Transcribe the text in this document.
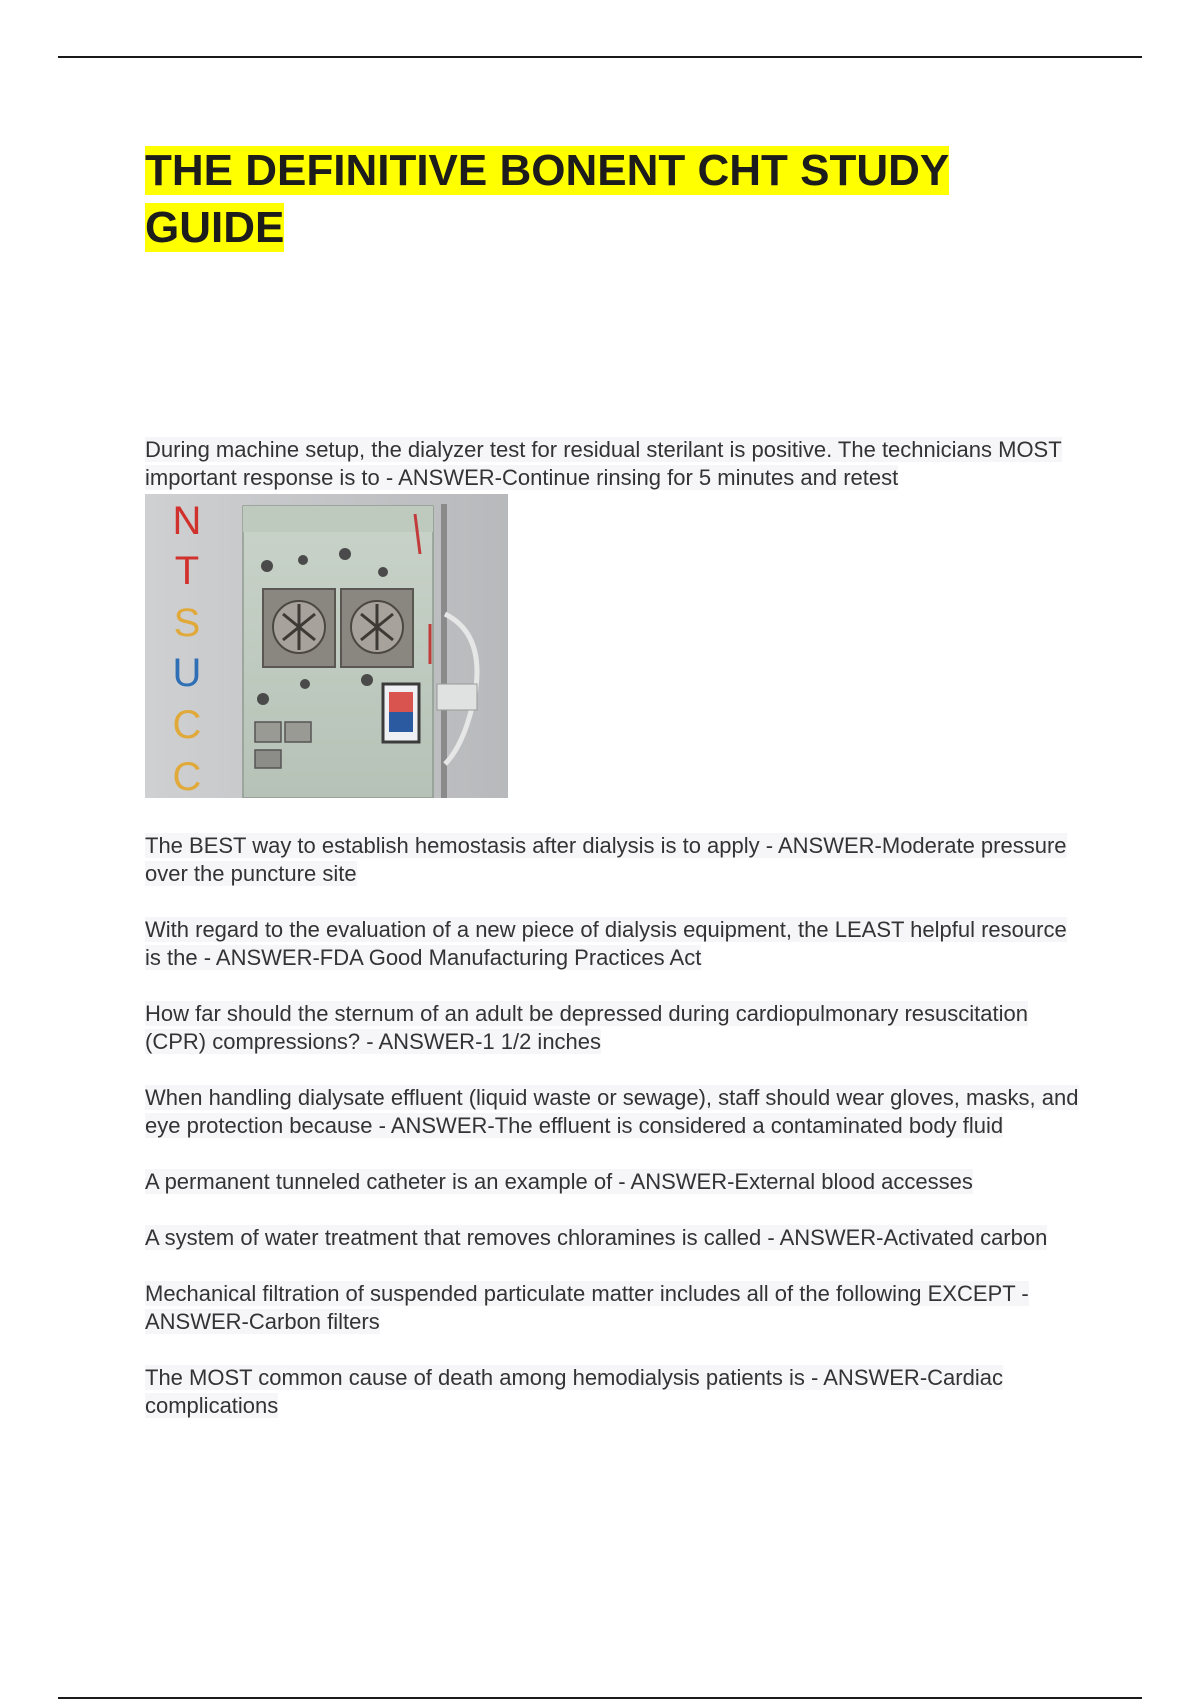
THE DEFINITIVE BONENT CHT STUDY GUIDE

During machine setup, the dialyzer test for residual sterilant is positive. The technicians MOST important response is to - ANSWER-Continue rinsing for 5 minutes and retest

N
T
S
U
C
C

The BEST way to establish hemostasis after dialysis is to apply - ANSWER-Moderate pressure over the puncture site

With regard to the evaluation of a new piece of dialysis equipment, the LEAST helpful resource is the - ANSWER-FDA Good Manufacturing Practices Act

How far should the sternum of an adult be depressed during cardiopulmonary resuscitation (CPR) compressions? - ANSWER-1 1/2 inches

When handling dialysate effluent (liquid waste or sewage), staff should wear gloves, masks, and eye protection because - ANSWER-The effluent is considered a contaminated body fluid

A permanent tunneled catheter is an example of - ANSWER-External blood accesses

A system of water treatment that removes chloramines is called - ANSWER-Activated carbon

Mechanical filtration of suspended particulate matter includes all of the following EXCEPT - ANSWER-Carbon filters

The MOST common cause of death among hemodialysis patients is - ANSWER-Cardiac complications
